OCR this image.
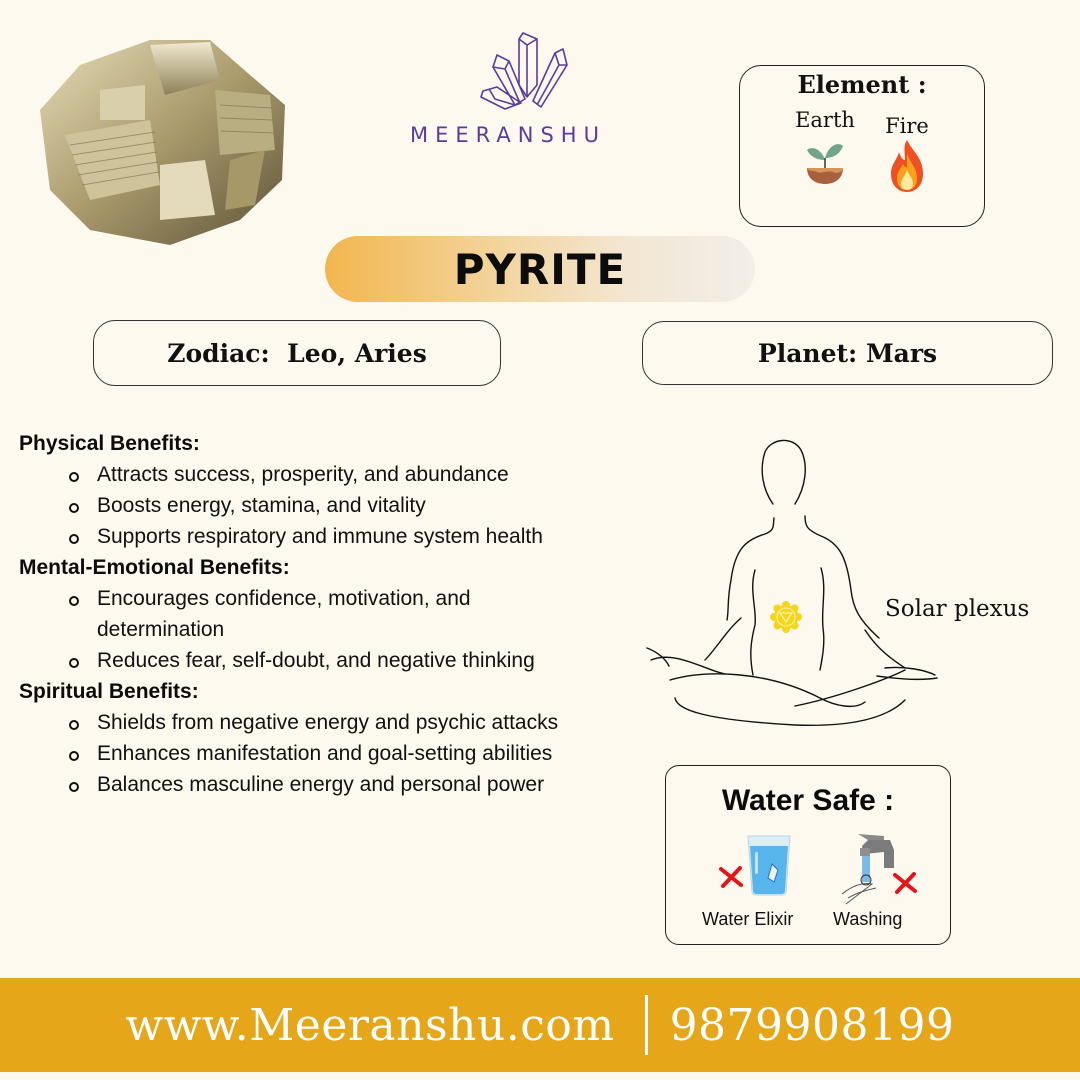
MEERANSHU
Element :
Earth	Fire
PYRITE
Zodiac:  Leo, Aries	Planet: Mars
Physical Benefits:
Attracts success, prosperity, and abundance
Boosts energy, stamina, and vitality
Supports respiratory and immune system health
Mental-Emotional Benefits:
Encourages confidence, motivation, and determination
Reduces fear, self-doubt, and negative thinking
Spiritual Benefits:
Shields from negative energy and psychic attacks
Enhances manifestation and goal-setting abilities
Balances masculine energy and personal power
Solar plexus
Water Safe :
Water Elixir Washing
www.Meeranshu.com 9879908199
